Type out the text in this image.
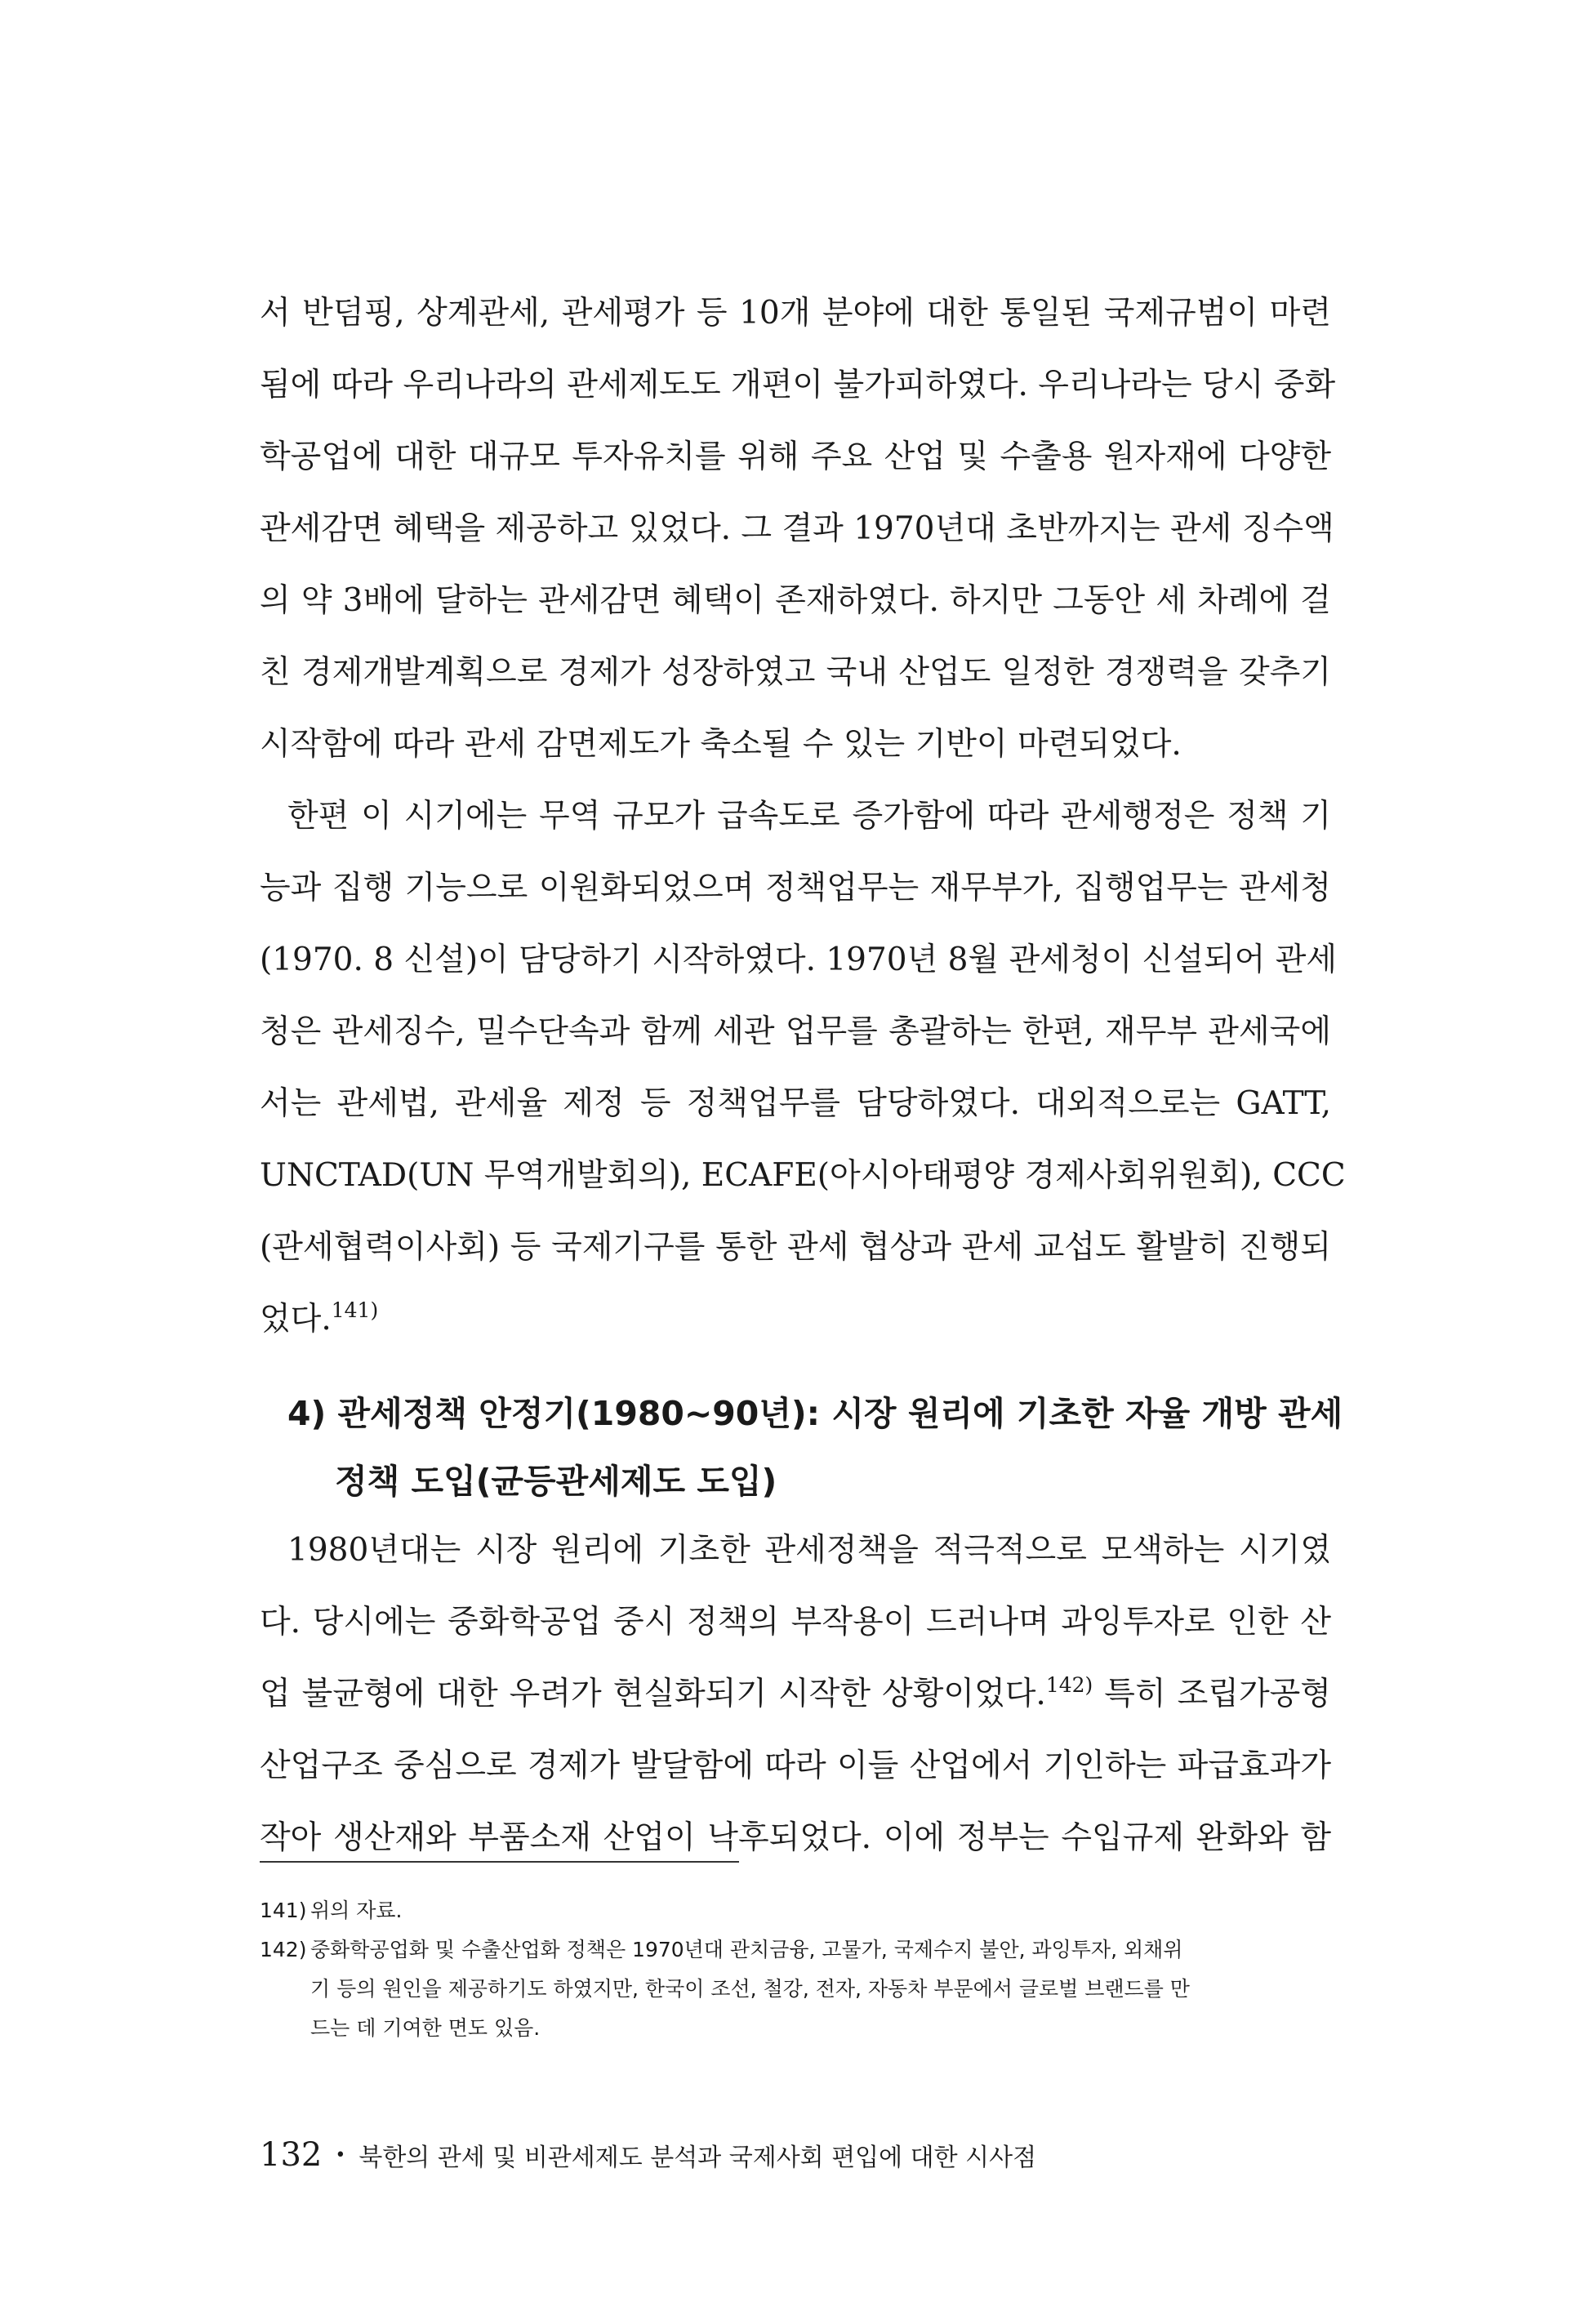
서 반덤핑, 상계관세, 관세평가 등 10개 분야에 대한 통일된 국제규범이 마련
됨에 따라 우리나라의 관세제도도 개편이 불가피하였다. 우리나라는 당시 중화
학공업에 대한 대규모 투자유치를 위해 주요 산업 및 수출용 원자재에 다양한
관세감면 혜택을 제공하고 있었다. 그 결과 1970년대 초반까지는 관세 징수액
의 약 3배에 달하는 관세감면 혜택이 존재하였다. 하지만 그동안 세 차례에 걸
친 경제개발계획으로 경제가 성장하였고 국내 산업도 일정한 경쟁력을 갖추기
시작함에 따라 관세 감면제도가 축소될 수 있는 기반이 마련되었다.
한편 이 시기에는 무역 규모가 급속도로 증가함에 따라 관세행정은 정책 기
능과 집행 기능으로 이원화되었으며 정책업무는 재무부가, 집행업무는 관세청
(1970. 8 신설)이 담당하기 시작하였다. 1970년 8월 관세청이 신설되어 관세
청은 관세징수, 밀수단속과 함께 세관 업무를 총괄하는 한편, 재무부 관세국에
서는 관세법, 관세율 제정 등 정책업무를 담당하였다. 대외적으로는 GATT,
UNCTAD(UN 무역개발회의), ECAFE(아시아태평양 경제사회위원회), CCC
(관세협력이사회) 등 국제기구를 통한 관세 협상과 관세 교섭도 활발히 진행되
었다.$^{141)}$
4) 관세정책 안정기(1980~90년): 시장 원리에 기초한 자율 개방 관세
정책 도입(균등관세제도 도입)
1980년대는 시장 원리에 기초한 관세정책을 적극적으로 모색하는 시기였
다. 당시에는 중화학공업 중시 정책의 부작용이 드러나며 과잉투자로 인한 산
업 불균형에 대한 우려가 현실화되기 시작한 상황이었다.$^{142)}$ 특히 조립가공형
산업구조 중심으로 경제가 발달함에 따라 이들 산업에서 기인하는 파급효과가
작아 생산재와 부품소재 산업이 낙후되었다. 이에 정부는 수입규제 완화와 함
141) 위의 자료.
142) 중화학공업화 및 수출산업화 정책은 1970년대 관치금융, 고물가, 국제수지 불안, 과잉투자, 외채위
기 등의 원인을 제공하기도 하였지만, 한국이 조선, 철강, 전자, 자동차 부문에서 글로벌 브랜드를 만
드는 데 기여한 면도 있음.
132 • 북한의 관세 및 비관세제도 분석과 국제사회 편입에 대한 시사점
